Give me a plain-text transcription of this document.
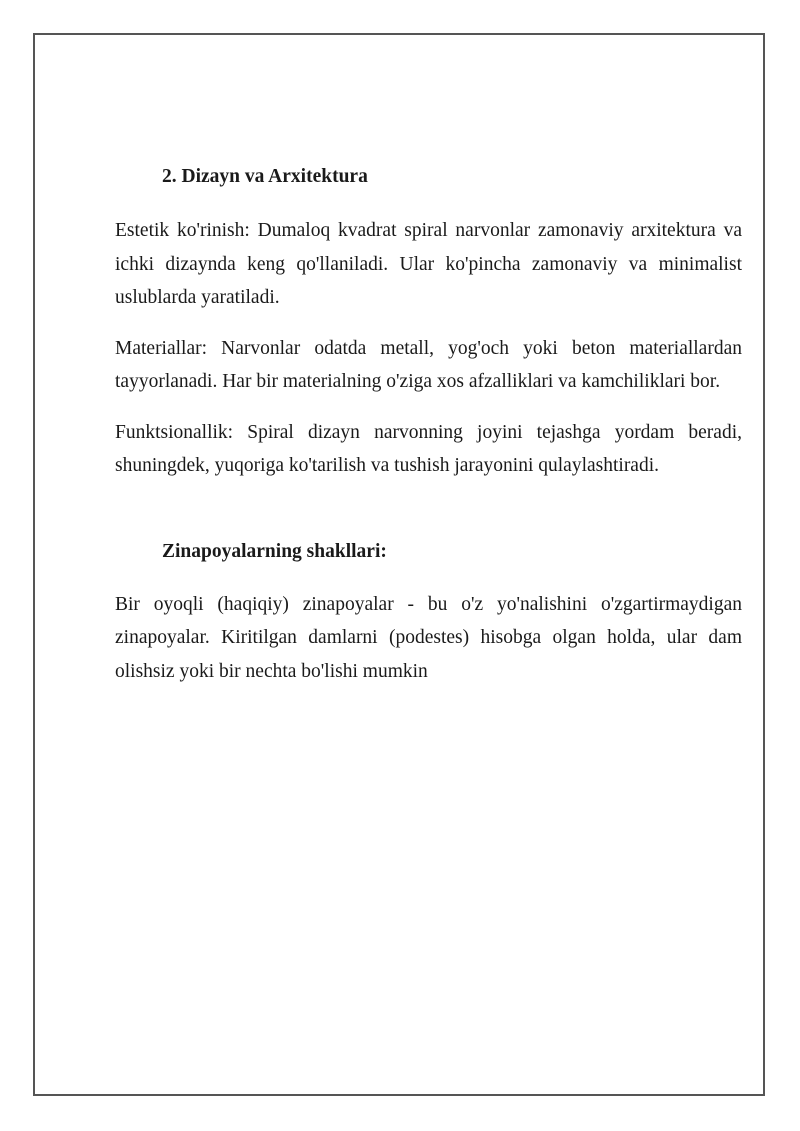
2. Dizayn va Arxitektura

Estetik ko'rinish: Dumaloq kvadrat spiral narvonlar zamonaviy arxitektura va ichki dizaynda keng qo'llaniladi. Ular ko'pincha zamonaviy va minimalist uslublarda yaratiladi.

Materiallar: Narvonlar odatda metall, yog'och yoki beton materiallardan tayyorlanadi. Har bir materialning o'ziga xos afzalliklari va kamchiliklari bor.

Funktsionallik: Spiral dizayn narvonning joyini tejashga yordam beradi, shuningdek, yuqoriga ko'tarilish va tushish jarayonini qulaylashtiradi.

Zinapoyalarning shakllari:

Bir oyoqli (haqiqiy) zinapoyalar - bu o'z yo'nalishini o'zgartirmaydigan zinapoyalar. Kiritilgan damlarni (podestes) hisobga olgan holda, ular dam olishsiz yoki bir nechta bo'lishi mumkin
